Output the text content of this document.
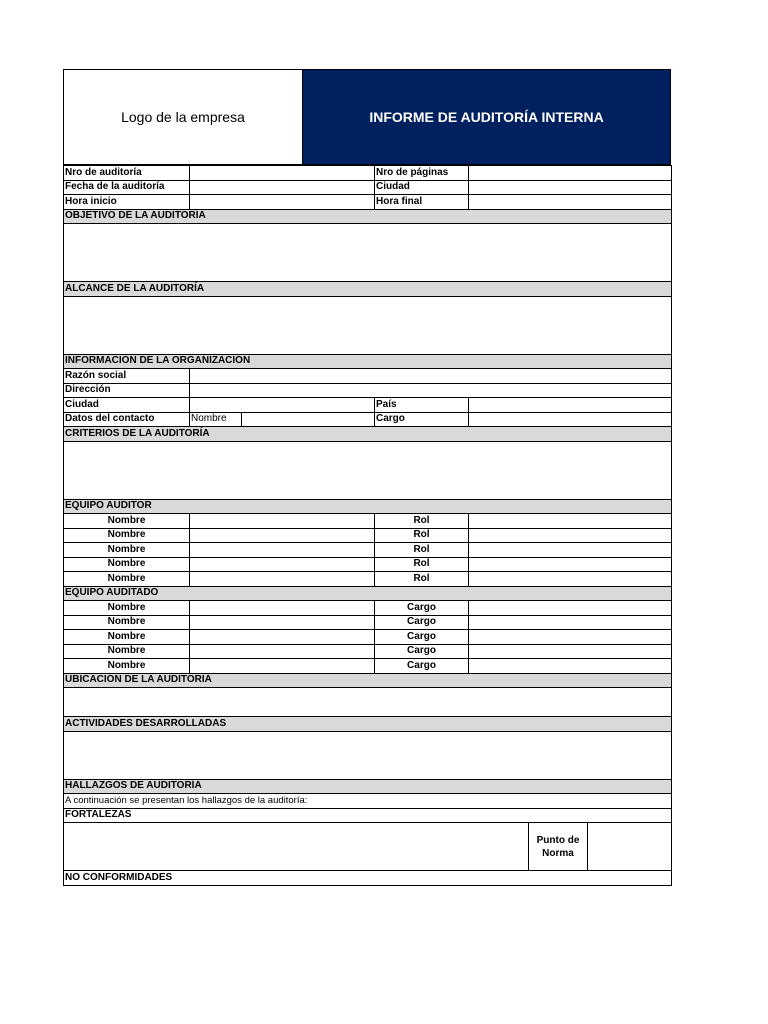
Logo de la empresa	INFORME DE AUDITORÍA INTERNA
Nro de auditoría			Nro de páginas			
Fecha de la auditoría			Ciudad			
Hora inicio			Hora final			
OBJETIVO DE LA AUDITORÍA						

ALCANCE DE LA AUDITORÍA						

INFORMACIÓN DE LA ORGANIZACIÓN						
Razón social						
Dirección						
Ciudad			País			
Datos del contacto	Nombre		Cargo			
CRITERIOS DE LA AUDITORÍA						

EQUIPO AUDITOR						
Nombre			Rol			
Nombre			Rol			
Nombre			Rol			
Nombre			Rol			
Nombre			Rol			
EQUIPO AUDITADO						
Nombre			Cargo			
Nombre			Cargo			
Nombre			Cargo			
Nombre			Cargo			
Nombre			Cargo			
UBICACIÓN DE LA AUDITORÍA						

ACTIVIDADES DESARROLLADAS						

HALLAZGOS DE AUDITORÍA						
A continuación se presentan los hallazgos de la auditoría:						
FORTALEZAS						
					Punto de Norma	
NO CONFORMIDADES						
